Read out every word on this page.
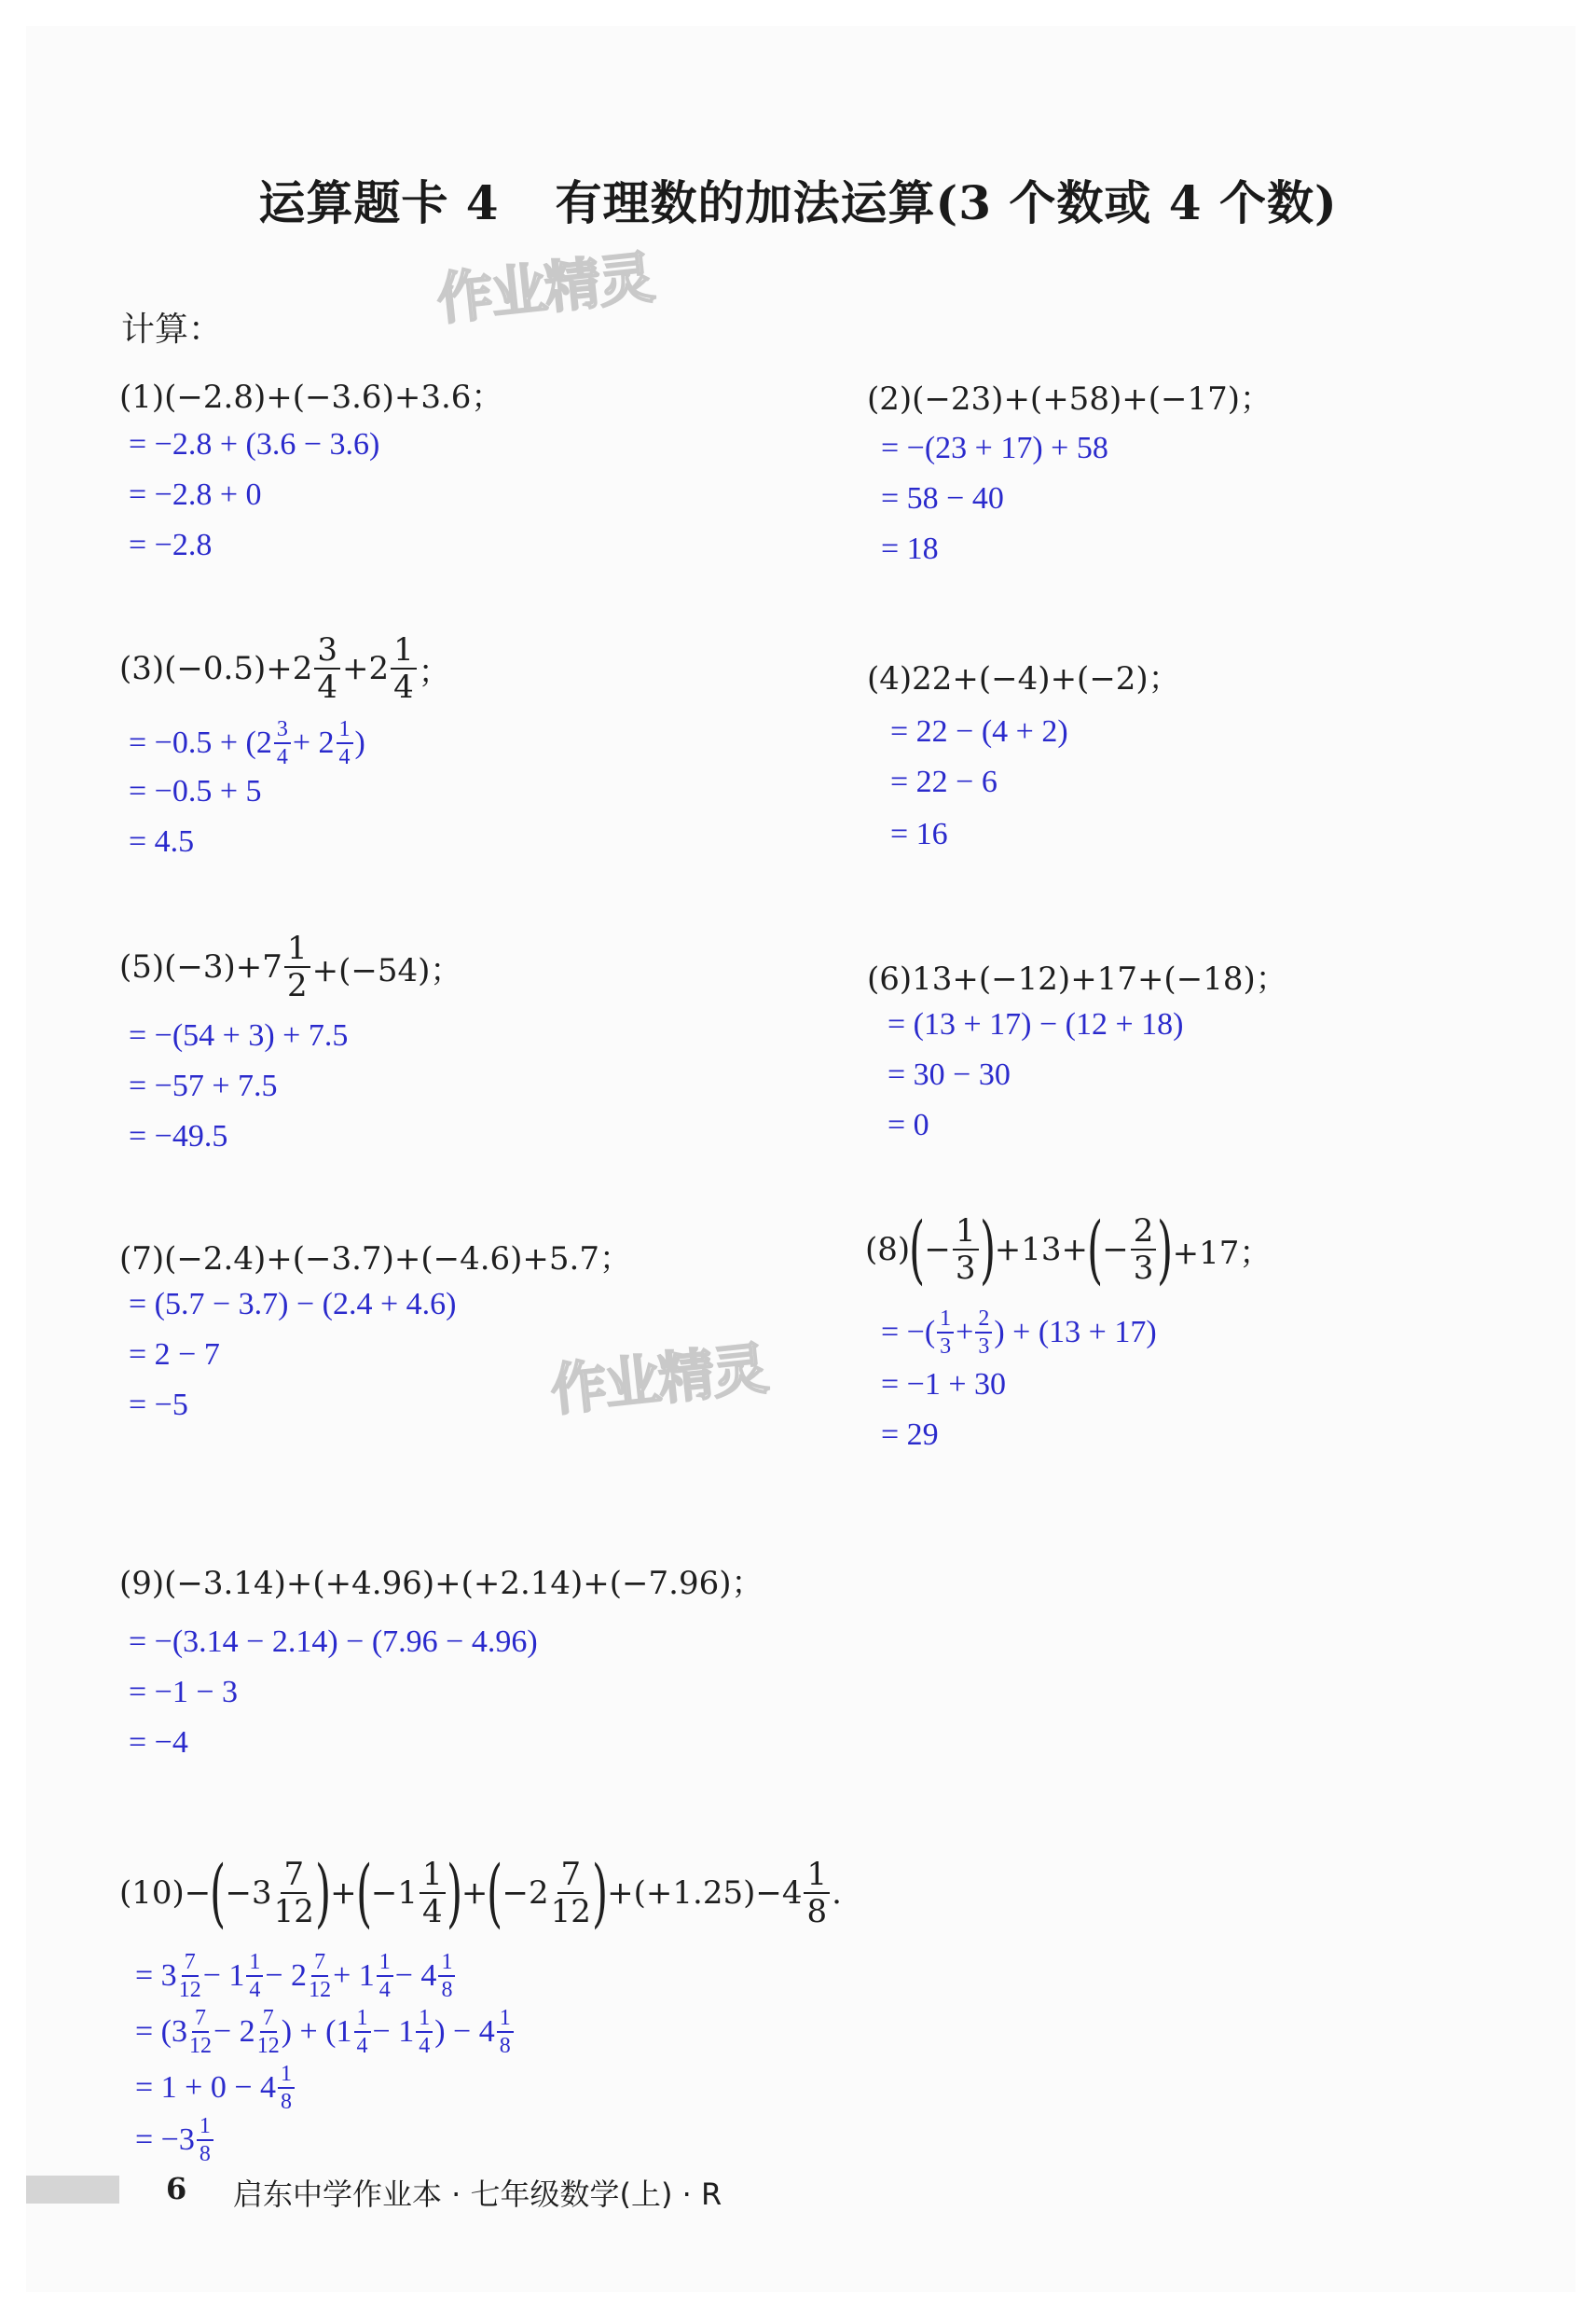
运算题卡 4 有理数的加法运算(3 个数或 4 个数)
作业精灵
作业精灵
计算：
(1)(−2.8)+(−3.6)+3.6；
= −2.8 + (3.6 − 3.6)
= −2.8 + 0
= −2.8
(2)(−23)+(+58)+(−17)；
= −(23 + 17) + 58
= 58 − 40
= 18
$(3)(-0.5)+2 \frac{3}{4} +2 \frac{1}{4}$ ；
= $-0.5 + (2 \frac{3}{4} + 2 \frac{1}{4}$ )
= −0.5 + 5
= 4.5
(4)22+(−4)+(−2)；
= 22 − (4 + 2)
= 22 − 6
= 16
$(5)(-3)+7 \frac{1}{2} +(-54)$；
= −(54 + 3) + 7.5
= −57 + 7.5
= −49.5
(6)13+(−12)+17+(−18)；
= (13 + 17) − (12 + 18)
= 30 − 30
= 0
(7)(−2.4)+(−3.7)+(−4.6)+5.7；
= (5.7 − 3.7) − (2.4 + 4.6)
= 2 − 7
= −5
(8) ( − $\frac{1}{3}$ ) +13+ ( − $\frac{2}{3}$ ) +17；
= −( $\frac{1}{3} + \frac{2}{3}$ ) + (13 + 17)
= −1 + 30
= 29
(9)(−3.14)+(+4.96)+(+2.14)+(−7.96)；
= −(3.14 − 2.14) − (7.96 − 4.96)
= −1 − 3
= −4
(10)− ( $-3 \frac{7}{12}$ ) + ( $-1 \frac{1}{4}$ ) + ( $-2 \frac{7}{12}$ ) $+(+1.25)-4 \frac{1}{8}$ .
= $3 \frac{7}{12} - 1 \frac{1}{4} - 2 \frac{7}{12} + 1 \frac{1}{4} - 4 \frac{1}{8}$
= ($3 \frac{7}{12} - 2 \frac{7}{12}$ ) + ($1 \frac{1}{4} - 1 \frac{1}{4}$ ) − $4 \frac{1}{8}$
= $1 + 0 - 4 \frac{1}{8}$
= $-3 \frac{1}{8}$
6 启东中学作业本 · 七年级数学(上) · R
